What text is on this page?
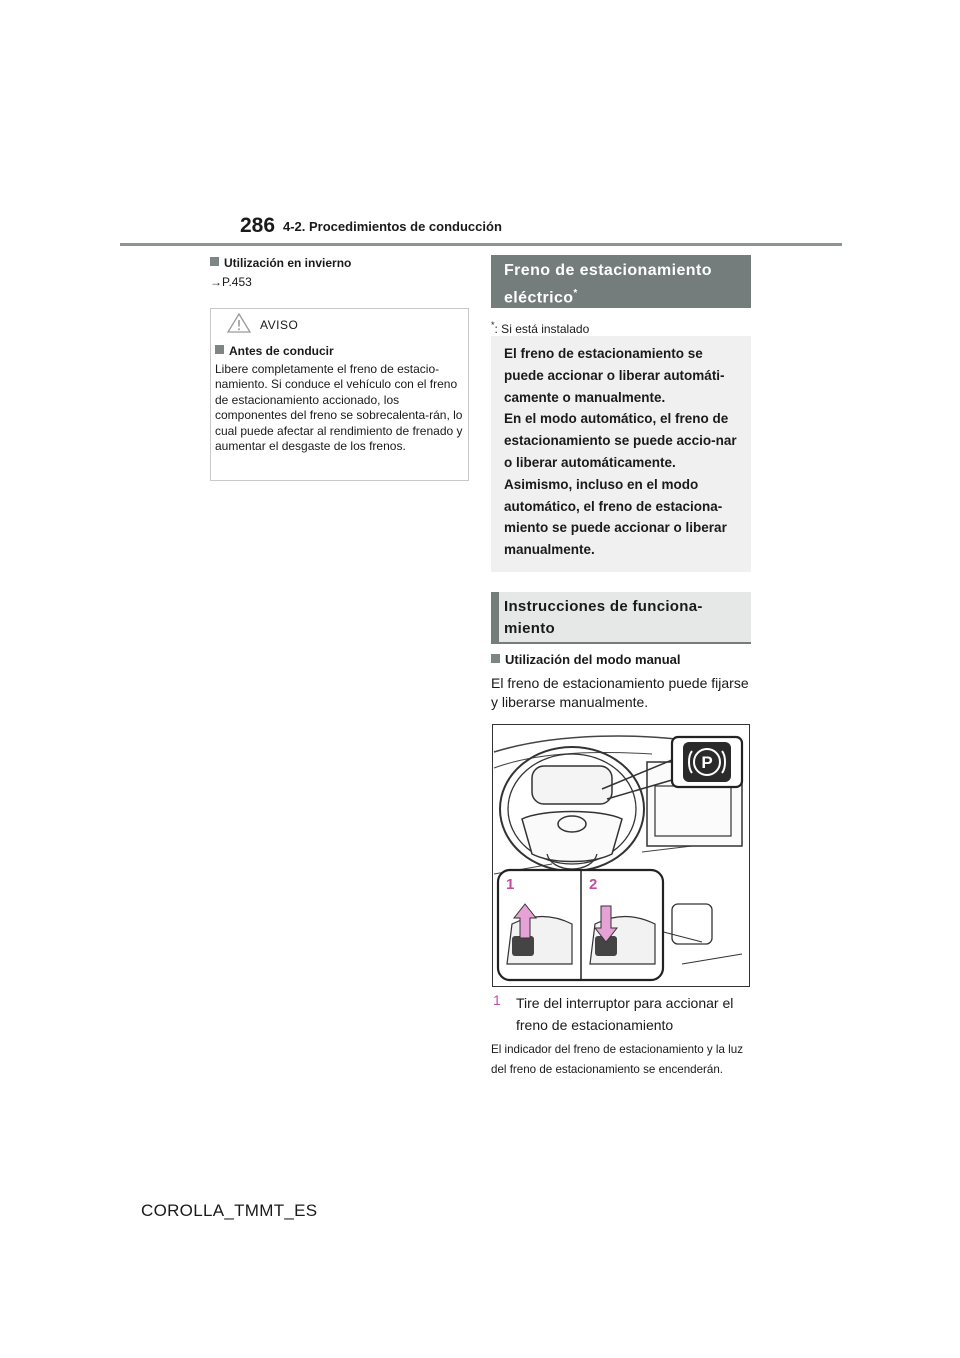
286 4-2. Procedimientos de conducción
Utilización en invierno
→P.453
AVISO
Antes de conducir
Libere completamente el freno de estacio-namiento. Si conduce el vehículo con el freno de estacionamiento accionado, los componentes del freno se sobrecalenta-rán, lo cual puede afectar al rendimiento de frenado y aumentar el desgaste de los frenos.
Freno de estacionamiento eléctrico*
*: Si está instalado
El freno de estacionamiento se puede accionar o liberar automáti-camente o manualmente.
En el modo automático, el freno de estacionamiento se puede accio-nar o liberar automáticamente. Asimismo, incluso en el modo automático, el freno de estaciona-miento se puede accionar o liberar manualmente.
Instrucciones de funciona-miento
Utilización del modo manual
El freno de estacionamiento puede fijarse y liberarse manualmente.
P
1	2
1 Tire del interruptor para accionar el freno de estacionamiento
El indicador del freno de estacionamiento y la luz del freno de estacionamiento se encenderán.
COROLLA_TMMT_ES
